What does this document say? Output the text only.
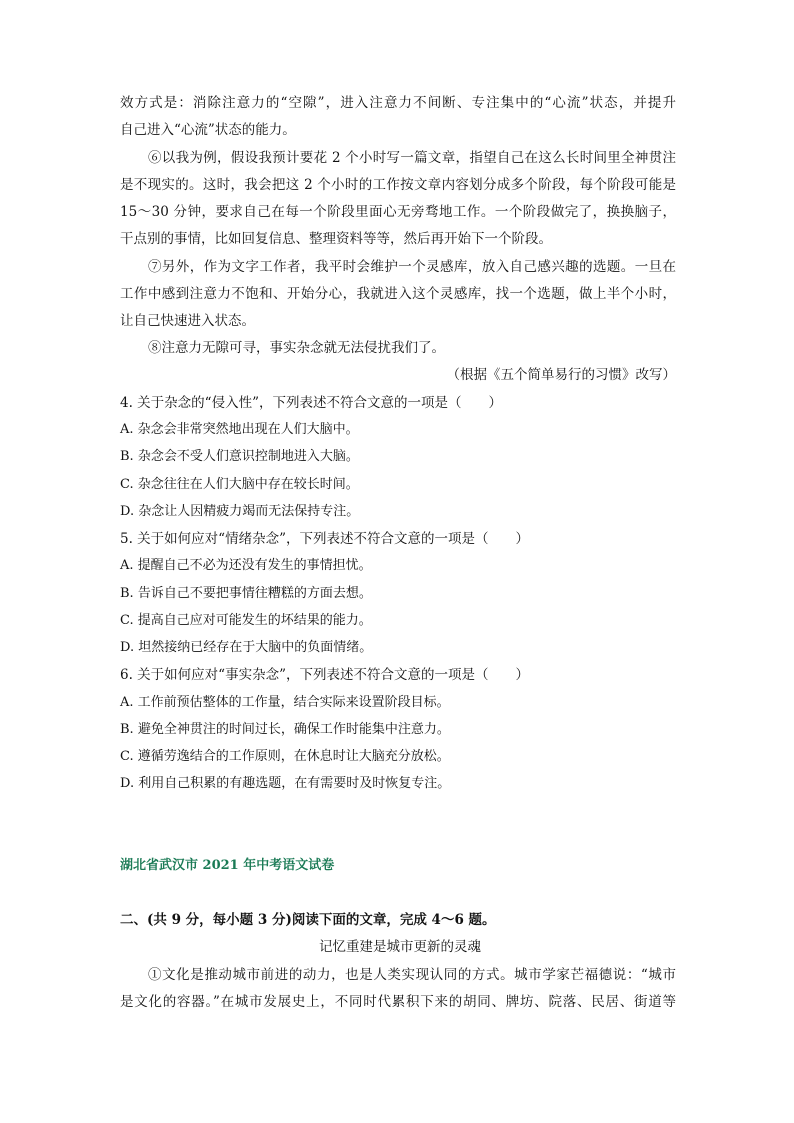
效方式是：消除注意力的“空隙”，进入注意力不间断、专注集中的“心流”状态，并提升
自己进入“心流”状态的能力。
⑥以我为例，假设我预计要花 2 个小时写一篇文章，指望自己在这么长时间里全神贯注
是不现实的。这时，我会把这 2 个小时的工作按文章内容划分成多个阶段，每个阶段可能是
15～30 分钟，要求自己在每一个阶段里面心无旁骛地工作。一个阶段做完了，换换脑子，
干点别的事情，比如回复信息、整理资料等等，然后再开始下一个阶段。
⑦另外，作为文字工作者，我平时会维护一个灵感库，放入自己感兴趣的选题。一旦在
工作中感到注意力不饱和、开始分心，我就进入这个灵感库，找一个选题，做上半个小时，
让自己快速进入状态。
⑧注意力无隙可寻，事实杂念就无法侵扰我们了。
（根据《五个简单易行的习惯》改写）
4. 关于杂念的“侵入性”，下列表述不符合文意的一项是（　　）
A. 杂念会非常突然地出现在人们大脑中。
B. 杂念会不受人们意识控制地进入大脑。
C. 杂念往往在人们大脑中存在较长时间。
D. 杂念让人因精疲力竭而无法保持专注。
5. 关于如何应对“情绪杂念”，下列表述不符合文意的一项是（　　）
A. 提醒自己不必为还没有发生的事情担忧。
B. 告诉自己不要把事情往糟糕的方面去想。
C. 提高自己应对可能发生的坏结果的能力。
D. 坦然接纳已经存在于大脑中的负面情绪。
6. 关于如何应对“事实杂念”，下列表述不符合文意的一项是（　　）
A. 工作前预估整体的工作量，结合实际来设置阶段目标。
B. 避免全神贯注的时间过长，确保工作时能集中注意力。
C. 遵循劳逸结合的工作原则，在休息时让大脑充分放松。
D. 利用自己积累的有趣选题，在有需要时及时恢复专注。
湖北省武汉市 2021 年中考语文试卷
二、(共 9 分，每小题 3 分)阅读下面的文章，完成 4～6 题。
记忆重建是城市更新的灵魂
①文化是推动城市前进的动力，也是人类实现认同的方式。城市学家芒福德说：“城市
是文化的容器。”在城市发展史上，不同时代累积下来的胡同、牌坊、院落、民居、街道等
